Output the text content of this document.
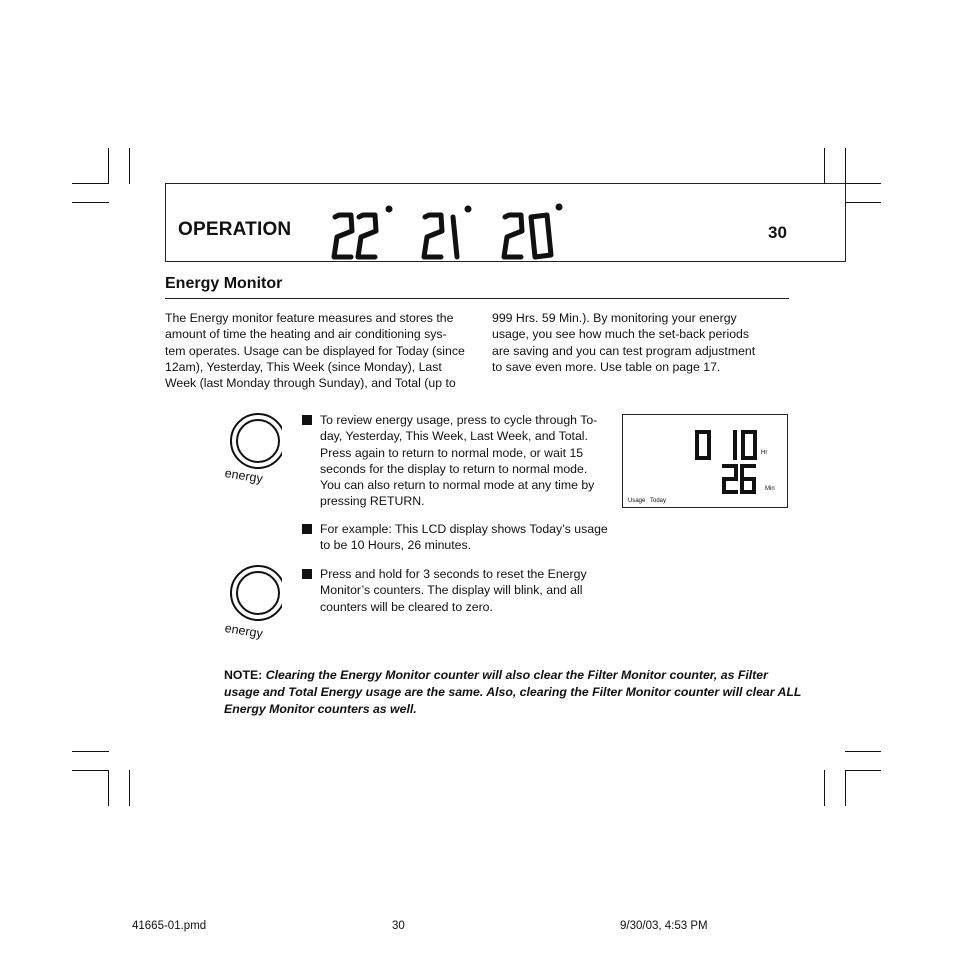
OPERATION	30
Energy Monitor
The Energy monitor feature measures and stores the
amount of time the heating and air conditioning sys-
tem operates. Usage can be displayed for Today (since
12am), Yesterday, This Week (since Monday), Last
Week (last Monday through Sunday), and Total (up to
999 Hrs. 59 Min.). By monitoring your energy
usage, you see how much the set-back periods
are saving and you can test program adjustment
to save even more. Use table on page 17.
energy
energy
To review energy usage, press to cycle through To-
day, Yesterday, This Week, Last Week, and Total.
Press again to return to normal mode, or wait 15
seconds for the display to return to normal mode.
You can also return to normal mode at any time by
pressing RETURN.
For example: This LCD display shows Today’s usage
to be 10 Hours, 26 minutes.
Press and hold for 3 seconds to reset the Energy
Monitor’s counters. The display will blink, and all
counters will be cleared to zero.
Hr
Min
Usage Today
NOTE: Clearing the Energy Monitor counter will also clear the Filter Monitor counter, as Filter usage and Total Energy usage are the same. Also, clearing the Filter Monitor counter will clear ALL Energy Monitor counters as well.
41665-01.pmd	30	9/30/03, 4:53 PM
